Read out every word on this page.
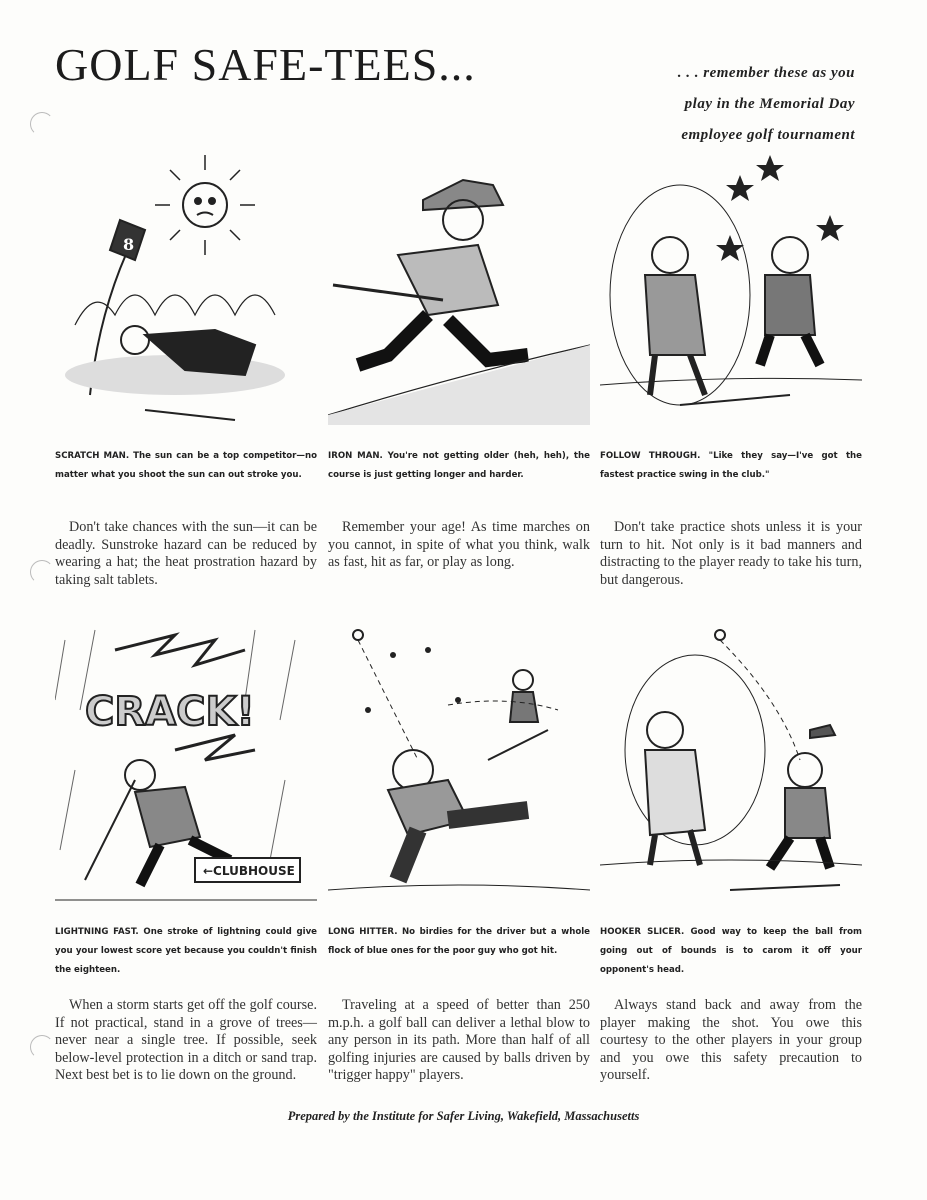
GOLF SAFE-TEES...	. . . remember these as you
play in the Memorial Day
employee golf tournament
8
SCRATCH MAN. The sun can be a top competitor—no matter what you shoot the sun can out stroke you.
IRON MAN. You're not getting older (heh, heh), the course is just getting longer and harder.
FOLLOW THROUGH. "Like they say—I've got the fastest practice swing in the club."
Don't take chances with the sun—it can be deadly. Sunstroke hazard can be reduced by wearing a hat; the heat prostration hazard by taking salt tablets.
Remember your age! As time marches on you cannot, in spite of what you think, walk as fast, hit as far, or play as long.
Don't take practice shots unless it is your turn to hit. Not only is it bad manners and distracting to the player ready to take his turn, but dangerous.
CRACK!
←CLUBHOUSE
LIGHTNING FAST. One stroke of lightning could give you your lowest score yet because you couldn't finish the eighteen.
LONG HITTER. No birdies for the driver but a whole flock of blue ones for the poor guy who got hit.
HOOKER SLICER. Good way to keep the ball from going out of bounds is to carom it off your opponent's head.
When a storm starts get off the golf course. If not practical, stand in a grove of trees—never near a single tree. If possible, seek below-level protection in a ditch or sand trap. Next best bet is to lie down on the ground.
Traveling at a speed of better than 250 m.p.h. a golf ball can deliver a lethal blow to any person in its path. More than half of all golfing injuries are caused by balls driven by "trigger happy" players.
Always stand back and away from the player making the shot. You owe this courtesy to the other players in your group and you owe this safety precaution to yourself.
Prepared by the Institute for Safer Living, Wakefield, Massachusetts
